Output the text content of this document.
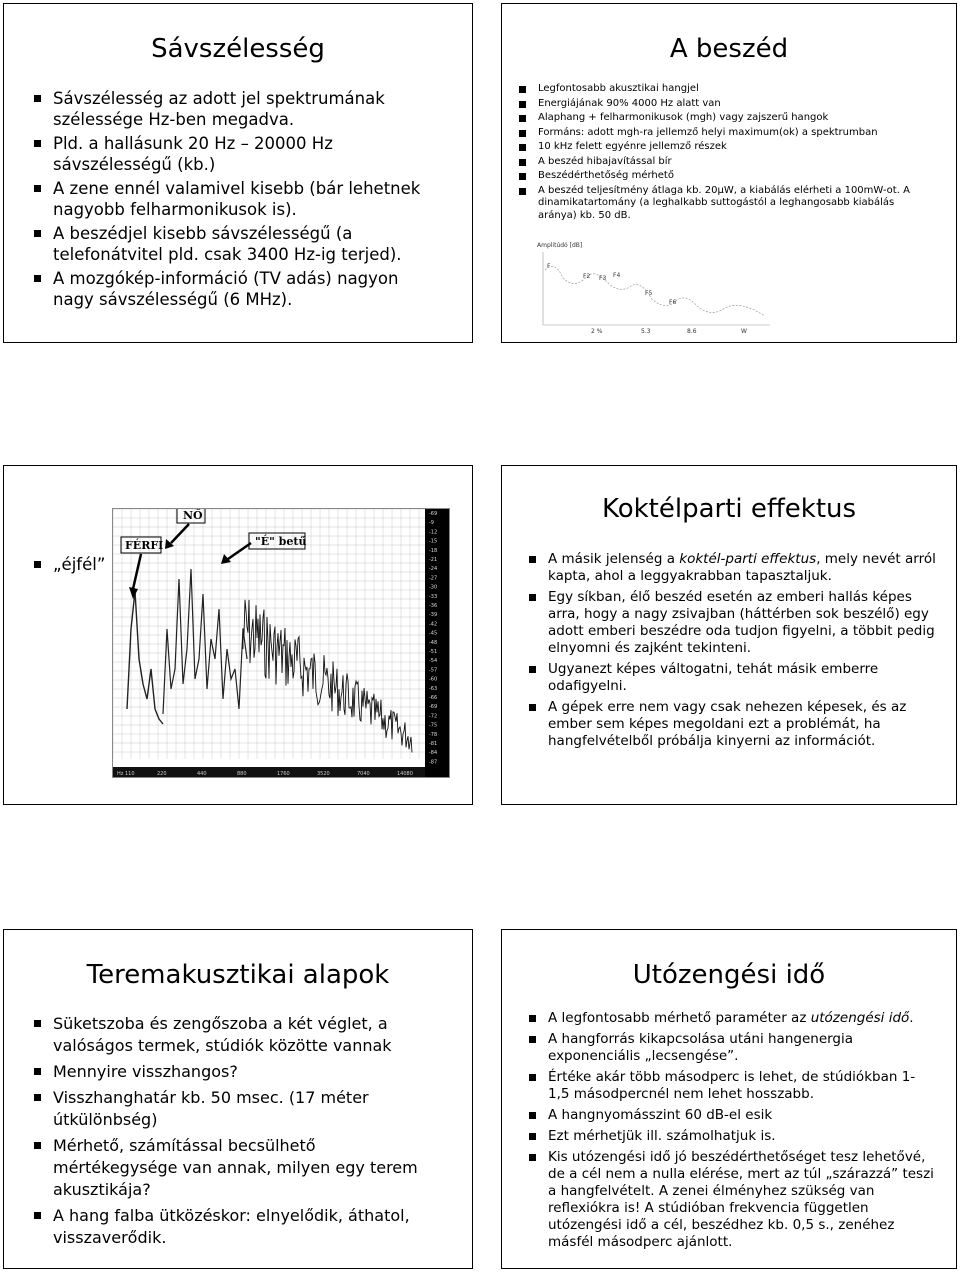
Sávszélesség
Sávszélesség az adott jel spektrumának szélessége Hz-ben megadva.
Pld. a hallásunk 20 Hz – 20000 Hz sávszélességű (kb.)
A zene ennél valamivel kisebb (bár lehetnek nagyobb felharmonikusok is).
A beszédjel kisebb sávszélességű (a telefonátvitel pld. csak 3400 Hz-ig terjed).
A mozgókép-információ (TV adás) nagyon nagy sávszélességű (6 MHz).
A beszéd
Legfontosabb akusztikai hangjel
Energiájának 90% 4000 Hz alatt van
Alaphang + felharmonikusok (mgh) vagy zajszerű hangok
Formáns: adott mgh-ra jellemző helyi maximum(ok) a spektrumban
10 kHz felett egyénre jellemző részek
A beszéd hibajavítással bír
Beszédérthetőség mérhető
A beszéd teljesítmény átlaga kb. 20μW, a kiabálás elérheti a 100mW-ot. A dinamikatartomány (a leghalkabb suttogástól a leghangosabb kiabálás aránya) kb. 50 dB.
Amplitúdó [dB]
F
F2 F3 F4
F5
F6
2 %	5.3	8.6	W
„éjfél”
NŐ
FÉRFI	"É" betű
-69
-9
-12
-15
-18
-21
-24
-27
-30
-33
-36
-39
-42
-45
-48
-51
-54
-57
-60
-63
-66
-69
-72
-75
-78
-81
-84
-87
Hz 110	220	440	880	1760	3520	7040	14080
Koktélparti effektus
A másik jelenség a koktél-parti effektus, mely nevét arról kapta, ahol a leggyakrabban tapasztaljuk.
Egy síkban, élő beszéd esetén az emberi hallás képes arra, hogy a nagy zsivajban (háttérben sok beszélő) egy adott emberi beszédre oda tudjon figyelni, a többit pedig elnyomni és zajként tekinteni.
Ugyanezt képes váltogatni, tehát másik emberre odafigyelni.
A gépek erre nem vagy csak nehezen képesek, és az ember sem képes megoldani ezt a problémát, ha hangfelvételből próbálja kinyerni az információt.
Teremakusztikai alapok
Süketszoba és zengőszoba a két véglet, a valóságos termek, stúdiók közötte vannak
Mennyire visszhangos?
Visszhanghatár kb. 50 msec. (17 méter útkülönbség)
Mérhető, számítással becsülhető mértékegysége van annak, milyen egy terem akusztikája?
A hang falba ütközéskor: elnyelődik, áthatol, visszaverődik.
Utózengési idő
A legfontosabb mérhető paraméter az utózengési idő.
A hangforrás kikapcsolása utáni hangenergia exponenciális „lecsengése”.
Értéke akár több másodperc is lehet, de stúdiókban 1-1,5 másodpercnél nem lehet hosszabb.
A hangnyomásszint 60 dB-el esik
Ezt mérhetjük ill. számolhatjuk is.
Kis utózengési idő jó beszédérthetőséget tesz lehetővé, de a cél nem a nulla elérése, mert az túl „szárazzá” teszi a hangfelvételt. A zenei élményhez szükség van reflexiókra is! A stúdióban frekvencia független utózengési idő a cél, beszédhez kb. 0,5 s., zenéhez másfél másodperc ajánlott.
